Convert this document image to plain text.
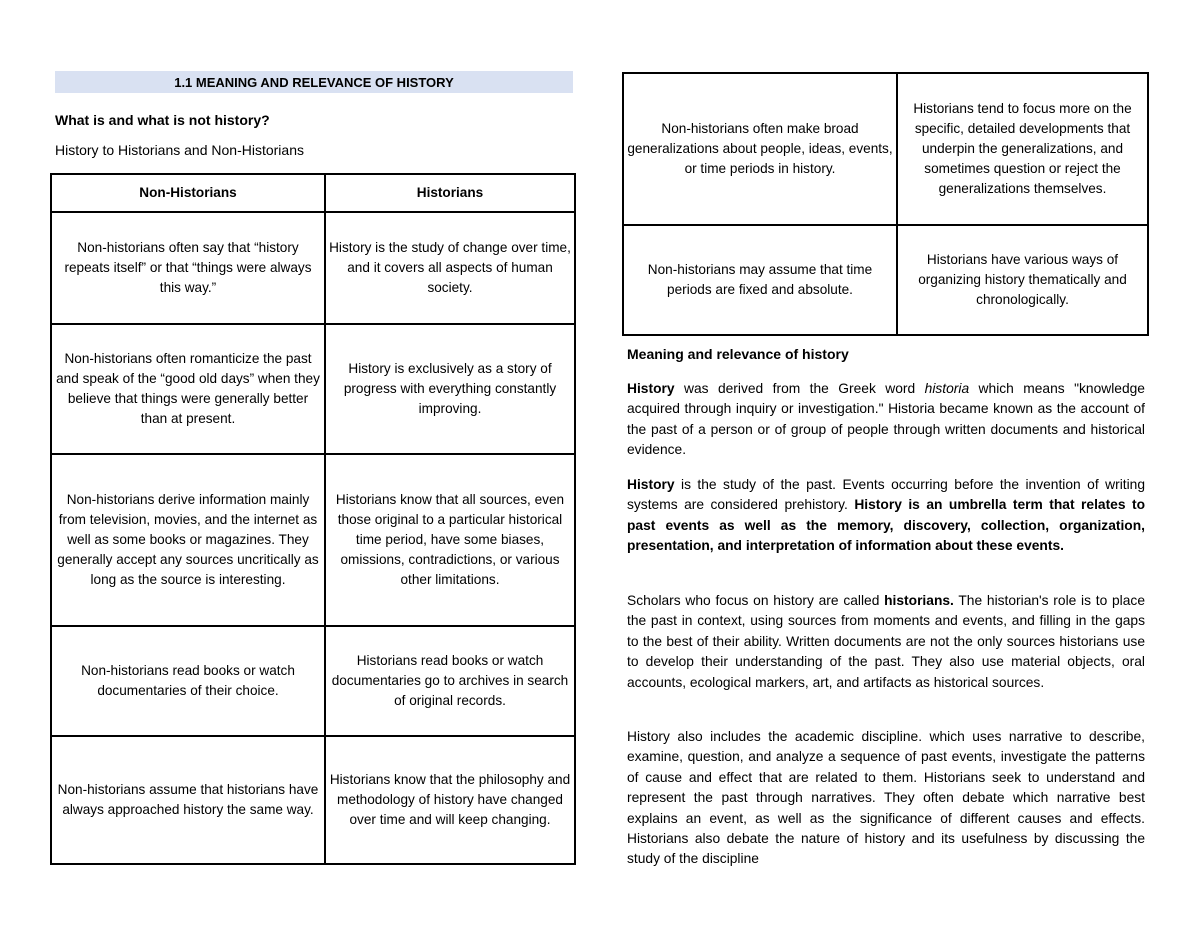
1.1 MEANING AND RELEVANCE OF HISTORY
What is and what is not history?
History to Historians and Non-Historians
Non-Historians	Historians
Non-historians often say that “history repeats itself” or that “things were always this way.”	History is the study of change over time, and it covers all aspects of human society.
Non-historians often romanticize the past and speak of the “good old days” when they believe that things were generally better than at present.	History is exclusively as a story of progress with everything constantly improving.
Non-historians derive information mainly from television, movies, and the internet as well as some books or magazines. They generally accept any sources uncritically as long as the source is interesting.	Historians know that all sources, even those original to a particular historical time period, have some biases, omissions, contradictions, or various other limitations.
Non-historians read books or watch documentaries of their choice.	Historians read books or watch documentaries go to archives in search of original records.
Non-historians assume that historians have always approached history the same way.	Historians know that the philosophy and methodology of history have changed over time and will keep changing.
Non-historians often make broad generalizations about people, ideas, events, or time periods in history.	Historians tend to focus more on the specific, detailed developments that underpin the generalizations, and sometimes question or reject the generalizations themselves.
Non-historians may assume that time periods are fixed and absolute.	Historians have various ways of organizing history thematically and chronologically.
Meaning and relevance of history
History was derived from the Greek word historia which means "knowledge acquired through inquiry or investigation." Historia became known as the account of the past of a person or of group of people through written documents and historical evidence.
History is the study of the past. Events occurring before the invention of writing systems are considered prehistory. History is an umbrella term that relates to past events as well as the memory, discovery, collection, organization, presentation, and interpretation of information about these events.
Scholars who focus on history are called historians. The historian's role is to place the past in context, using sources from moments and events, and filling in the gaps to the best of their ability. Written documents are not the only sources historians use to develop their understanding of the past. They also use material objects, oral accounts, ecological markers, art, and artifacts as historical sources.
History also includes the academic discipline. which uses narrative to describe, examine, question, and analyze a sequence of past events, investigate the patterns of cause and effect that are related to them. Historians seek to understand and represent the past through narratives. They often debate which narrative best explains an event, as well as the significance of different causes and effects. Historians also debate the nature of history and its usefulness by discussing the study of the discipline
